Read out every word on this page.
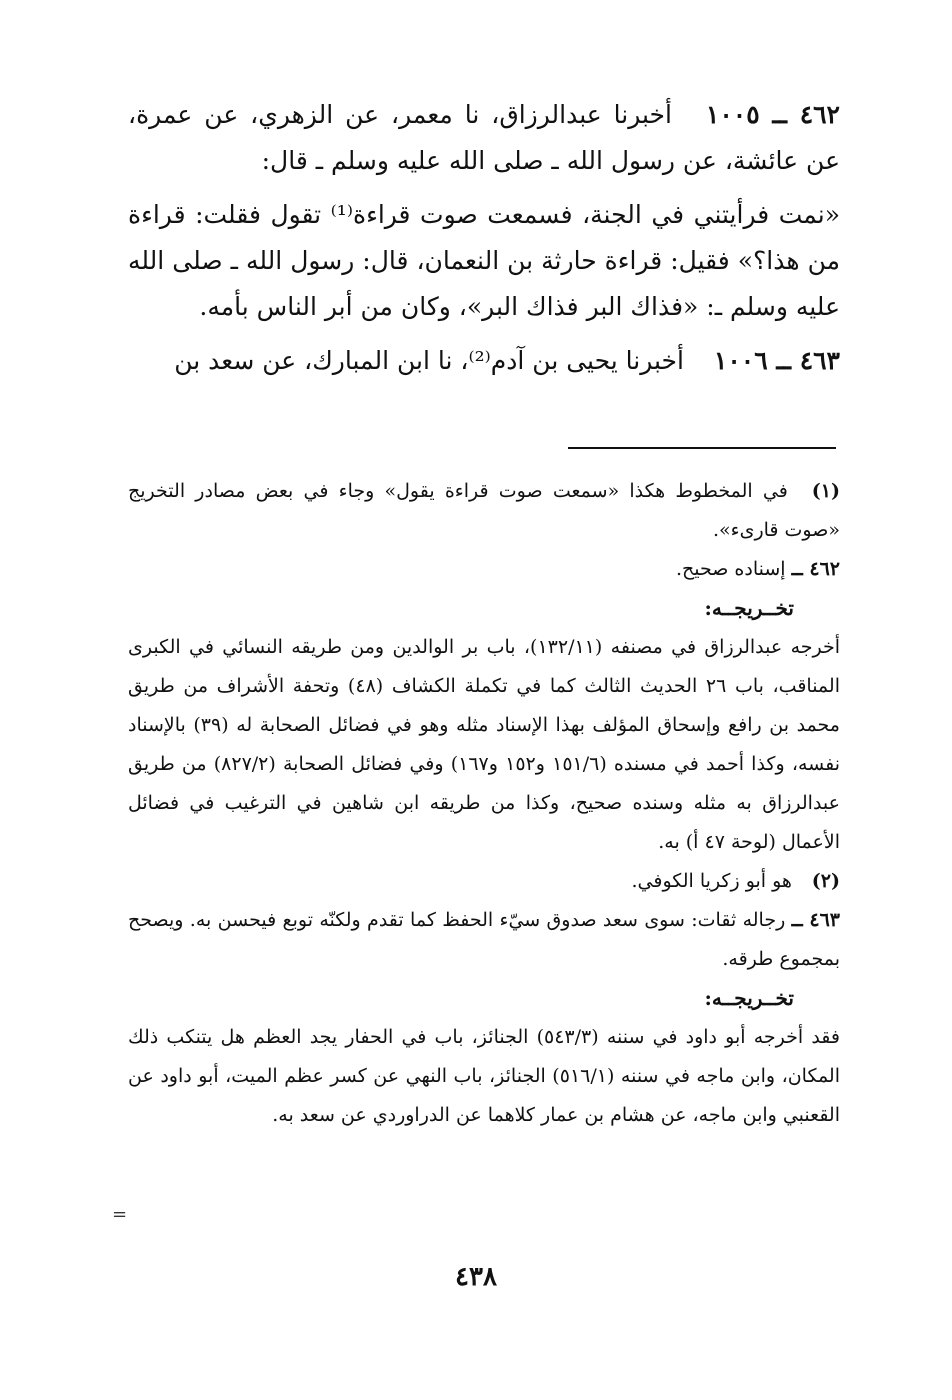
٤٦٢ ــ ١٠٠٥ أخبرنا عبدالرزاق، نا معمر، عن الزهري، عن عمرة، عن عائشة، عن رسول الله ـ صلى الله عليه وسلم ـ قال:

«نمت فرأيتني في الجنة، فسمعت صوت قراءة⁽¹⁾ تقول فقلت: قراءة من هذا؟» فقيل: قراءة حارثة بن النعمان، قال: رسول الله ـ صلى الله عليه وسلم ـ: «فذاك البر فذاك البر»، وكان من أبر الناس بأمه.

٤٦٣ ــ ١٠٠٦ أخبرنا يحيى بن آدم⁽²⁾، نا ابن المبارك، عن سعد بن

(١) في المخطوط هكذا «سمعت صوت قراءة يقول» وجاء في بعض مصادر التخريج «صوت قارىء».

٤٦٢ ــ إسناده صحيح.

تخــريجــه:

أخرجه عبدالرزاق في مصنفه (١٣٢/١١)، باب بر الوالدين ومن طريقه النسائي في الكبرى المناقب، باب ٢٦ الحديث الثالث كما في تكملة الكشاف (٤٨) وتحفة الأشراف من طريق محمد بن رافع وإسحاق المؤلف بهذا الإسناد مثله وهو في فضائل الصحابة له (٣٩) بالإسناد نفسه، وكذا أحمد في مسنده (١٥١/٦ و١٥٢ و١٦٧) وفي فضائل الصحابة (٨٢٧/٢) من طريق عبدالرزاق به مثله وسنده صحيح، وكذا من طريقه ابن شاهين في الترغيب في فضائل الأعمال (لوحة ٤٧ أ) به.

(٢) هو أبو زكريا الكوفي.

٤٦٣ ــ رجاله ثقات: سوى سعد صدوق سيّء الحفظ كما تقدم ولكنّه توبع فيحسن به. ويصحح بمجموع طرقه.

تخــريجــه:

فقد أخرجه أبو داود في سننه (٥٤٣/٣) الجنائز، باب في الحفار يجد العظم هل يتنكب ذلك المكان، وابن ماجه في سننه (٥١٦/١) الجنائز، باب النهي عن كسر عظم الميت، أبو داود عن القعنبي وابن ماجه، عن هشام بن عمار كلاهما عن الدراوردي عن سعد به.

=
٤٣٨
